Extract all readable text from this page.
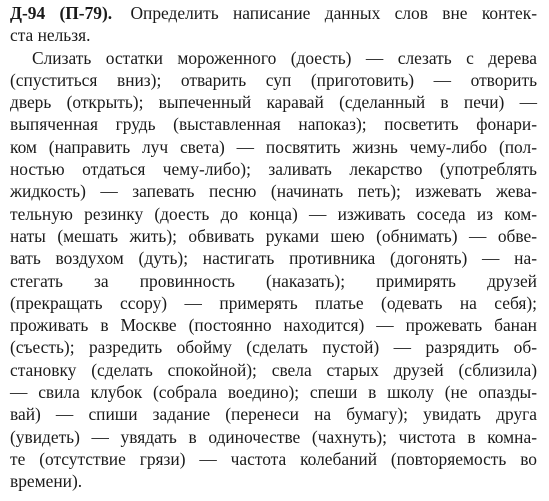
Д-94 (П-79). Определить написание данных слов вне контек-
ста нельзя.
Слизать остатки мороженного (доесть) — слезать с дерева
(спуститься вниз); отварить суп (приготовить) — отворить
дверь (открыть); выпеченный каравай (сделанный в печи) —
выпяченная грудь (выставленная напоказ); посветить фонари-
ком (направить луч света) — посвятить жизнь чему-либо (пол-
ностью отдаться чему-либо); заливать лекарство (употреблять
жидкость) — запевать песню (начинать петь); изжевать жева-
тельную резинку (доесть до конца) — изживать соседа из ком-
наты (мешать жить); обвивать руками шею (обнимать) — обве-
вать воздухом (дуть); настигать противника (догонять) — на-
стегать за провинность (наказать); примирять друзей
(прекращать ссору) — примерять платье (одевать на себя);
проживать в Москве (постоянно находится) — прожевать банан
(съесть); разредить обойму (сделать пустой) — разрядить об-
становку (сделать спокойной); свела старых друзей (сблизила)
— свила клубок (собрала воедино); спеши в школу (не опазды-
вай) — спиши задание (перенеси на бумагу); увидать друга
(увидеть) — увядать в одиночестве (чахнуть); чистота в комна-
те (отсутствие грязи) — частота колебаний (повторяемость во
времени).
